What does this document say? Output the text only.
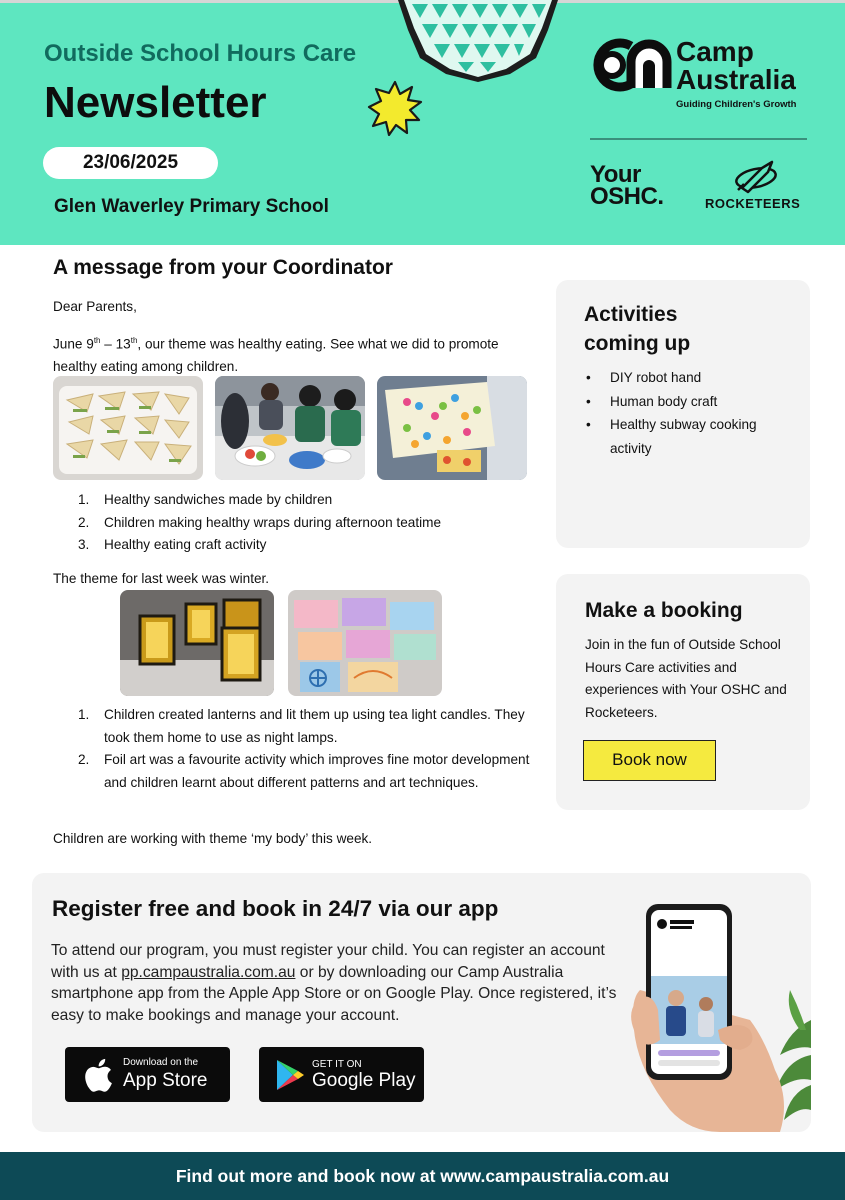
Outside School Hours Care
Newsletter
23/06/2025
Glen Waverley Primary School
Camp
Australia
Guiding Children's Growth
Your
OSHC.	ROCKETEERS
A message from your Coordinator
Dear Parents,
June 9th – 13th, our theme was healthy eating. See what we did to promote healthy eating among children.
1.	Healthy sandwiches made by children
2.	Children making healthy wraps during afternoon teatime
3.	Healthy eating craft activity
The theme for last week was winter.
1.	Children created lanterns and lit them up using tea light candles. They took them home to use as night lamps.
2.	Foil art was a favourite activity which improves fine motor development and children learnt about different patterns and art techniques.
Children are working with theme ‘my body’ this week.
Activities
coming up
•	DIY robot hand
•	Human body craft
•	Healthy subway cooking activity
Make a booking
Join in the fun of Outside School Hours Care activities and experiences with Your OSHC and Rocketeers.
Book now
Register free and book in 24/7 via our app
To attend our program, you must register your child. You can register an account with us at pp.campaustralia.com.au or by downloading our Camp Australia smartphone app from the Apple App Store or on Google Play. Once registered, it’s easy to make bookings and manage your account.
Download on the
App Store
GET IT ON
Google Play
Find out more and book now at www.campaustralia.com.au
